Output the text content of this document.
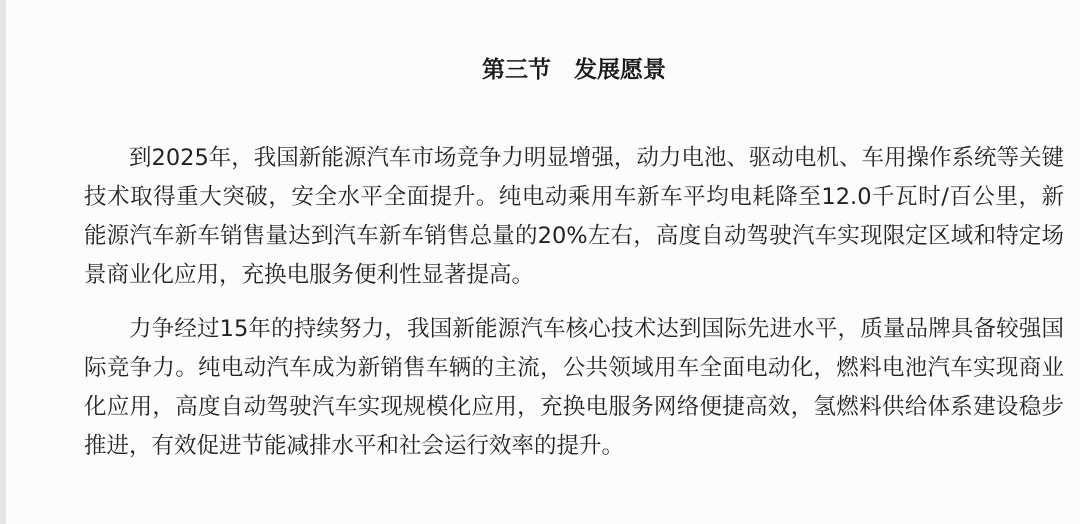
第三节　发展愿景

到2025年，我国新能源汽车市场竞争力明显增强，动力电池、驱动电机、车用操作系统等关键技术取得重大突破，安全水平全面提升。纯电动乘用车新车平均电耗降至12.0千瓦时/百公里，新能源汽车新车销售量达到汽车新车销售总量的20%左右，高度自动驾驶汽车实现限定区域和特定场景商业化应用，充换电服务便利性显著提高。

力争经过15年的持续努力，我国新能源汽车核心技术达到国际先进水平，质量品牌具备较强国际竞争力。纯电动汽车成为新销售车辆的主流，公共领域用车全面电动化，燃料电池汽车实现商业化应用，高度自动驾驶汽车实现规模化应用，充换电服务网络便捷高效，氢燃料供给体系建设稳步推进，有效促进节能减排水平和社会运行效率的提升。
